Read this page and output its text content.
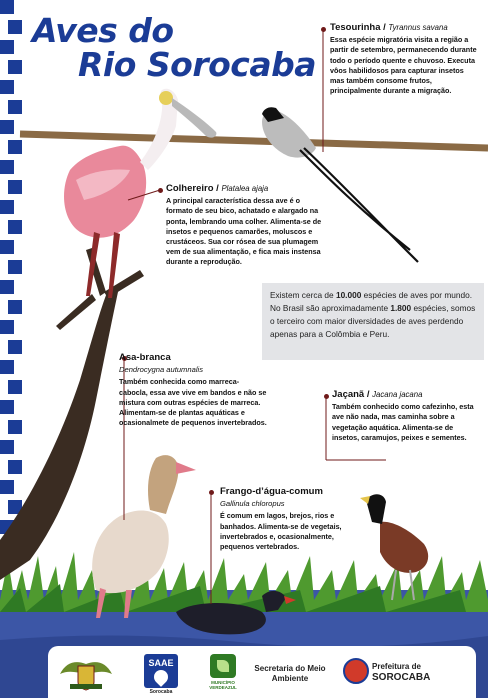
Aves do
Rio Sorocaba
Tesourinha / Tyrannus savana

Essa espécie migratória visita a região a partir de setembro, permanecendo durante todo o período quente e chuvoso. Executa vôos habilidosos para capturar insetos mas também consome frutos, principalmente durante a migração.

Colhereiro / Platalea ajaja

A principal característica dessa ave é o formato de seu bico, achatado e alargado na ponta, lembrando uma colher. Alimenta-se de insetos e pequenos camarões, moluscos e crustáceos. Sua cor rósea de sua plumagem vem de sua alimentação, e fica mais instensa durante a reprodução.

Asa-branca
Dendrocygna autumnalis

Também conhecida como marreca-cabocla, essa ave vive em bandos e não se mistura com outras espécies de marreca. Alimentam-se de plantas aquáticas e ocasionalmete de pequenos invertebrados.

Jaçanã / Jacana jacana

Também conhecido como cafezinho, esta ave não nada, mas caminha sobre a vegetação aquática. Alimenta-se de insetos, caramujos, peixes e sementes.

Frango-d’água-comum
Gallinula chloropus

É comum em lagos, brejos, rios e banhados. Alimenta-se de vegetais, invertebrados e, ocasionalmente, pequenos vertebrados.

Existem cerca de 10.000 espécies de aves por mundo. No Brasil são aproximadamente 1.800 espécies, somos o terceiro com maior diversidades de aves perdendo apenas para a Colômbia e Peru.
SAAE
Sorocaba
MUNICÍPIO VERDEAZUL
Secretaria do Meio Ambiente
Prefeitura de
SOROCABA
